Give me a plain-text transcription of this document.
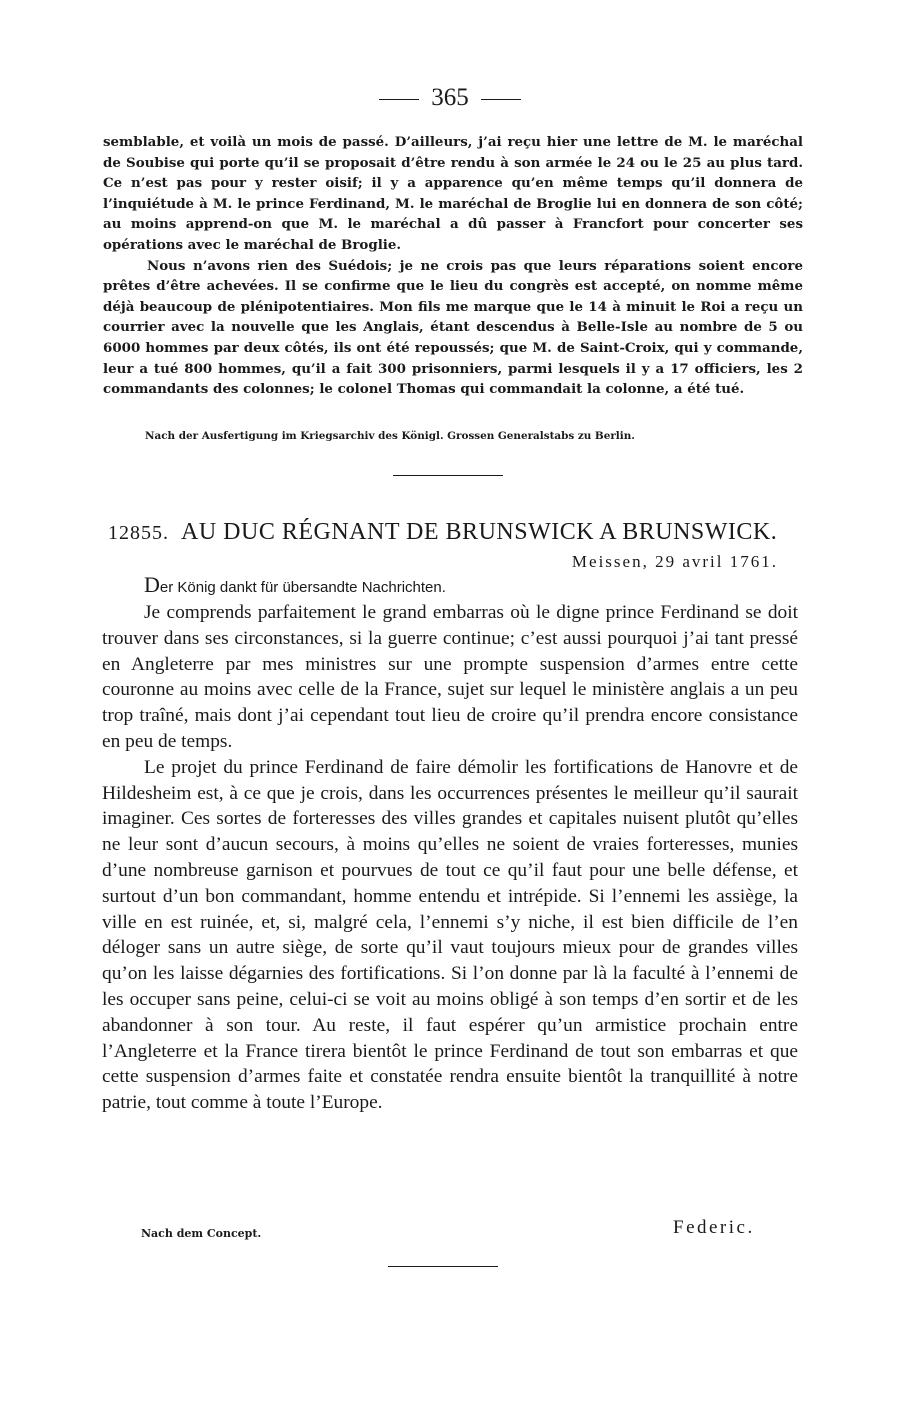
365

semblable, et voilà un mois de passé. D’ailleurs, j’ai reçu hier une lettre de M. le maréchal de Soubise qui porte qu’il se proposait d’être rendu à son armée le 24 ou le 25 au plus tard. Ce n’est pas pour y rester oisif; il y a apparence qu’en même temps qu’il donnera de l’inquiétude à M. le prince Ferdinand, M. le maréchal de Broglie lui en donnera de son côté; au moins apprend-on que M. le maréchal a dû passer à Francfort pour concerter ses opérations avec le maréchal de Broglie.

Nous n’avons rien des Suédois; je ne crois pas que leurs réparations soient encore prêtes d’être achevées. Il se confirme que le lieu du congrès est accepté, on nomme même déjà beaucoup de plénipotentiaires. Mon fils me marque que le 14 à minuit le Roi a reçu un courrier avec la nouvelle que les Anglais, étant descendus à Belle-Isle au nombre de 5 ou 6000 hommes par deux côtés, ils ont été repoussés; que M. de Saint-Croix, qui y commande, leur a tué 800 hommes, qu’il a fait 300 prisonniers, parmi lesquels il y a 17 officiers, les 2 commandants des colonnes; le colonel Thomas qui commandait la colonne, a été tué.

Nach der Ausfertigung im Kriegsarchiv des Königl. Grossen Generalstabs zu Berlin.
12855. AU DUC RÉGNANT DE BRUNSWICK A BRUNSWICK.
Meissen, 29 avril 1761.
Der König dankt für übersandte Nachrichten.

Je comprends parfaitement le grand embarras où le digne prince Ferdinand se doit trouver dans ses circonstances, si la guerre continue; c’est aussi pourquoi j’ai tant pressé en Angleterre par mes ministres sur une prompte suspension d’armes entre cette couronne au moins avec celle de la France, sujet sur lequel le ministère anglais a un peu trop traîné, mais dont j’ai cependant tout lieu de croire qu’il prendra encore consistance en peu de temps.

Le projet du prince Ferdinand de faire démolir les fortifications de Hanovre et de Hildesheim est, à ce que je crois, dans les occurrences présentes le meilleur qu’il saurait imaginer. Ces sortes de forteresses des villes grandes et capitales nuisent plutôt qu’elles ne leur sont d’aucun secours, à moins qu’elles ne soient de vraies forteresses, munies d’une nombreuse garnison et pourvues de tout ce qu’il faut pour une belle défense, et surtout d’un bon commandant, homme entendu et intrépide. Si l’ennemi les assiège, la ville en est ruinée, et, si, malgré cela, l’ennemi s’y niche, il est bien difficile de l’en déloger sans un autre siège, de sorte qu’il vaut toujours mieux pour de grandes villes qu’on les laisse dégarnies des fortifications. Si l’on donne par là la faculté à l’ennemi de les occuper sans peine, celui-ci se voit au moins obligé à son temps d’en sortir et de les abandonner à son tour. Au reste, il faut espérer qu’un armistice prochain entre l’Angleterre et la France tirera bientôt le prince Ferdinand de tout son embarras et que cette suspension d’armes faite et constatée rendra ensuite bientôt la tranquillité à notre patrie, tout comme à toute l’Europe.

Nach dem Concept.	Federic.
